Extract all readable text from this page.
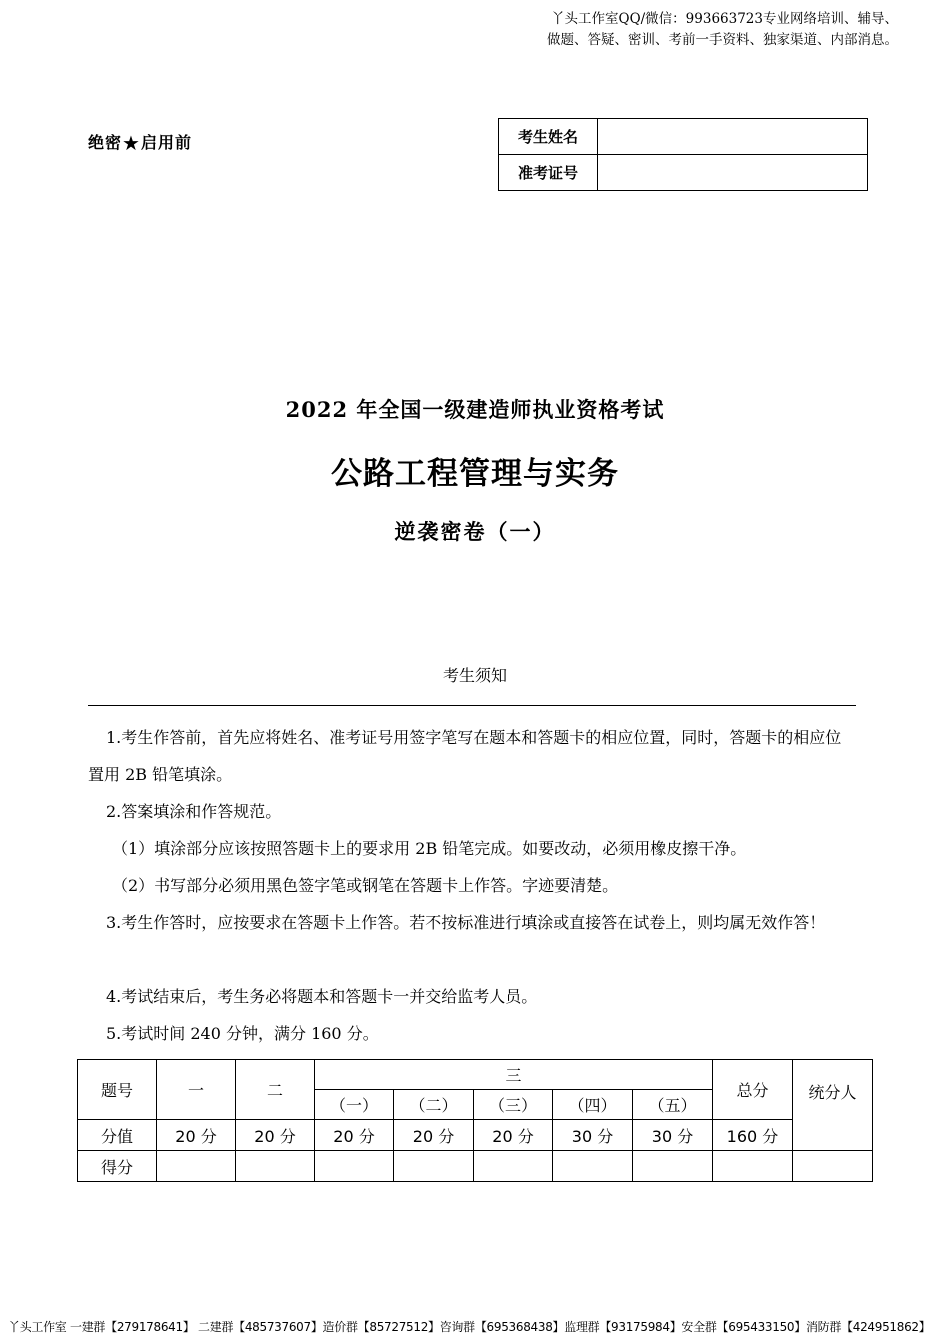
丫头工作室QQ/微信：993663723专业网络培训、辅导、
做题、答疑、密训、考前一手资料、独家渠道、内部消息。
绝密★启用前	考生姓名	
准考证号	
2022 年全国一级建造师执业资格考试
公路工程管理与实务
逆袭密卷（一）
考生须知
1.考生作答前，首先应将姓名、准考证号用签字笔写在题本和答题卡的相应位置，同时，答题卡的相应位置用 2B 铅笔填涂。
2.答案填涂和作答规范。
（1）填涂部分应该按照答题卡上的要求用 2B 铅笔完成。如要改动，必须用橡皮擦干净。
（2）书写部分必须用黑色签字笔或钢笔在答题卡上作答。字迹要清楚。
3.考生作答时，应按要求在答题卡上作答。若不按标准进行填涂或直接答在试卷上，则均属无效作答！
4.考试结束后，考生务必将题本和答题卡一并交给监考人员。
5.考试时间 240 分钟，满分 160 分。
题号	一	二	三					总分	统分人
			（一）	（二）	（三）	（四）	（五）		
分值	20 分	20 分	20 分	20 分	20 分	30 分	30 分	160 分	
得分									
丫头工作室 一建群【279178641】 二建群【485737607】造价群【85727512】咨询群【695368438】监理群【93175984】安全群【695433150】消防群【424951862】
